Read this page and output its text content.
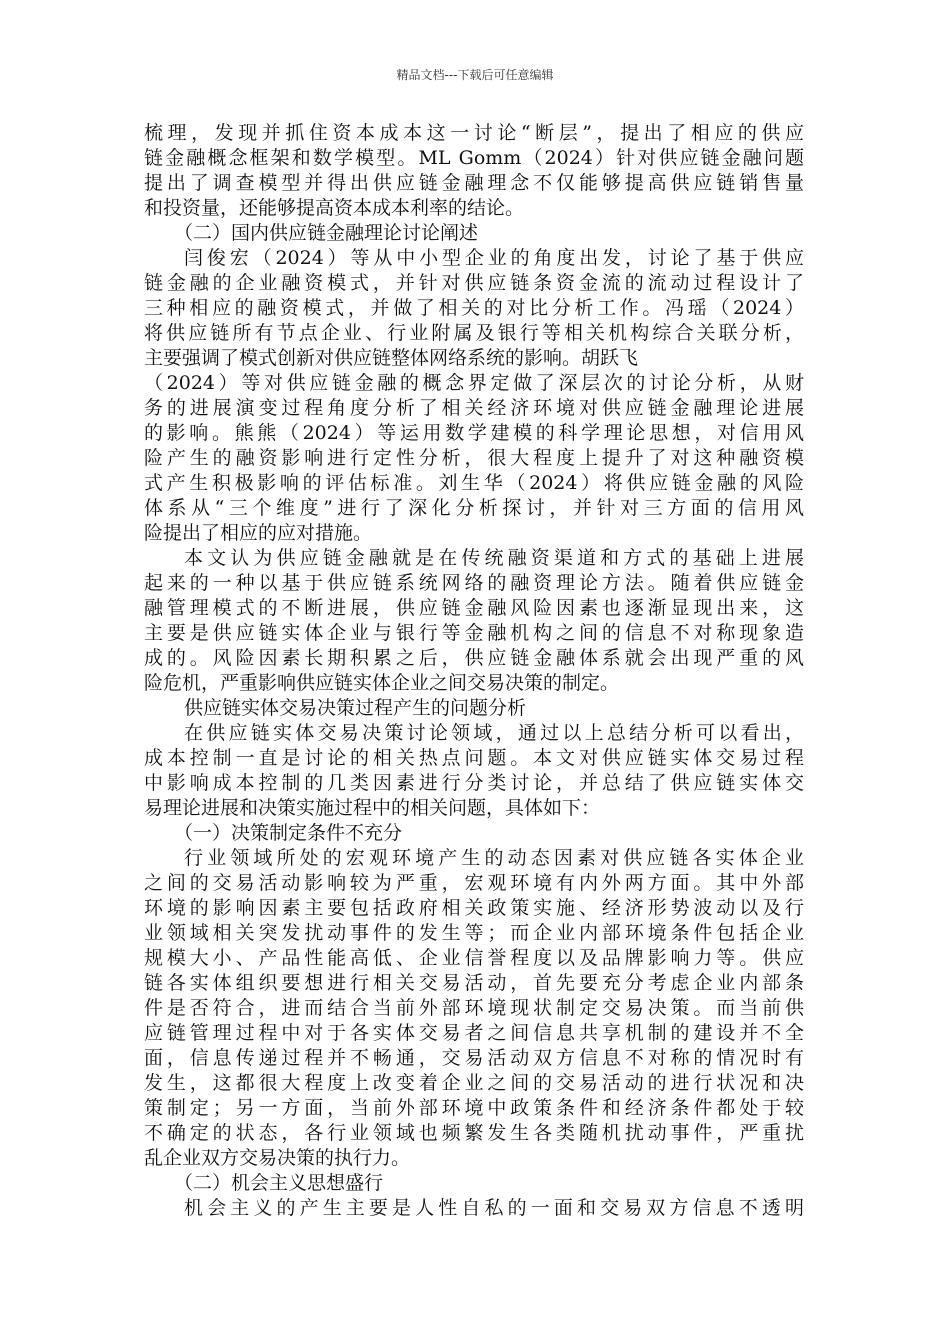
精品文档---下载后可任意编辑
梳理，发现并抓住资本成本这一讨论“断层”，提出了相应的供应
链金融概念框架和数学模型。ML Gomm（2024）针对供应链金融问题
提出了调查模型并得出供应链金融理念不仅能够提高供应链销售量
和投资量，还能够提高资本成本利率的结论。
（二）国内供应链金融理论讨论阐述
闫俊宏（2024）等从中小型企业的角度出发，讨论了基于供应
链金融的企业融资模式，并针对供应链条资金流的流动过程设计了
三种相应的融资模式，并做了相关的对比分析工作。冯瑶（2024）
将供应链所有节点企业、行业附属及银行等相关机构综合关联分析，
主要强调了模式创新对供应链整体网络系统的影响。胡跃飞
（2024）等对供应链金融的概念界定做了深层次的讨论分析，从财
务的进展演变过程角度分析了相关经济环境对供应链金融理论进展
的影响。熊熊（2024）等运用数学建模的科学理论思想，对信用风
险产生的融资影响进行定性分析，很大程度上提升了对这种融资模
式产生积极影响的评估标准。刘生华（2024）将供应链金融的风险
体系从“三个维度”进行了深化分析探讨，并针对三方面的信用风
险提出了相应的应对措施。
本文认为供应链金融就是在传统融资渠道和方式的基础上进展
起来的一种以基于供应链系统网络的融资理论方法。随着供应链金
融管理模式的不断进展，供应链金融风险因素也逐渐显现出来，这
主要是供应链实体企业与银行等金融机构之间的信息不对称现象造
成的。风险因素长期积累之后，供应链金融体系就会出现严重的风
险危机，严重影响供应链实体企业之间交易决策的制定。
供应链实体交易决策过程产生的问题分析
在供应链实体交易决策讨论领域，通过以上总结分析可以看出，
成本控制一直是讨论的相关热点问题。本文对供应链实体交易过程
中影响成本控制的几类因素进行分类讨论，并总结了供应链实体交
易理论进展和决策实施过程中的相关问题，具体如下：
（一）决策制定条件不充分
行业领域所处的宏观环境产生的动态因素对供应链各实体企业
之间的交易活动影响较为严重，宏观环境有内外两方面。其中外部
环境的影响因素主要包括政府相关政策实施、经济形势波动以及行
业领域相关突发扰动事件的发生等；而企业内部环境条件包括企业
规模大小、产品性能高低、企业信誉程度以及品牌影响力等。供应
链各实体组织要想进行相关交易活动，首先要充分考虑企业内部条
件是否符合，进而结合当前外部环境现状制定交易决策。而当前供
应链管理过程中对于各实体交易者之间信息共享机制的建设并不全
面，信息传递过程并不畅通，交易活动双方信息不对称的情况时有
发生，这都很大程度上改变着企业之间的交易活动的进行状况和决
策制定；另一方面，当前外部环境中政策条件和经济条件都处于较
不确定的状态，各行业领域也频繁发生各类随机扰动事件，严重扰
乱企业双方交易决策的执行力。
（二）机会主义思想盛行
机会主义的产生主要是人性自私的一面和交易双方信息不透明
